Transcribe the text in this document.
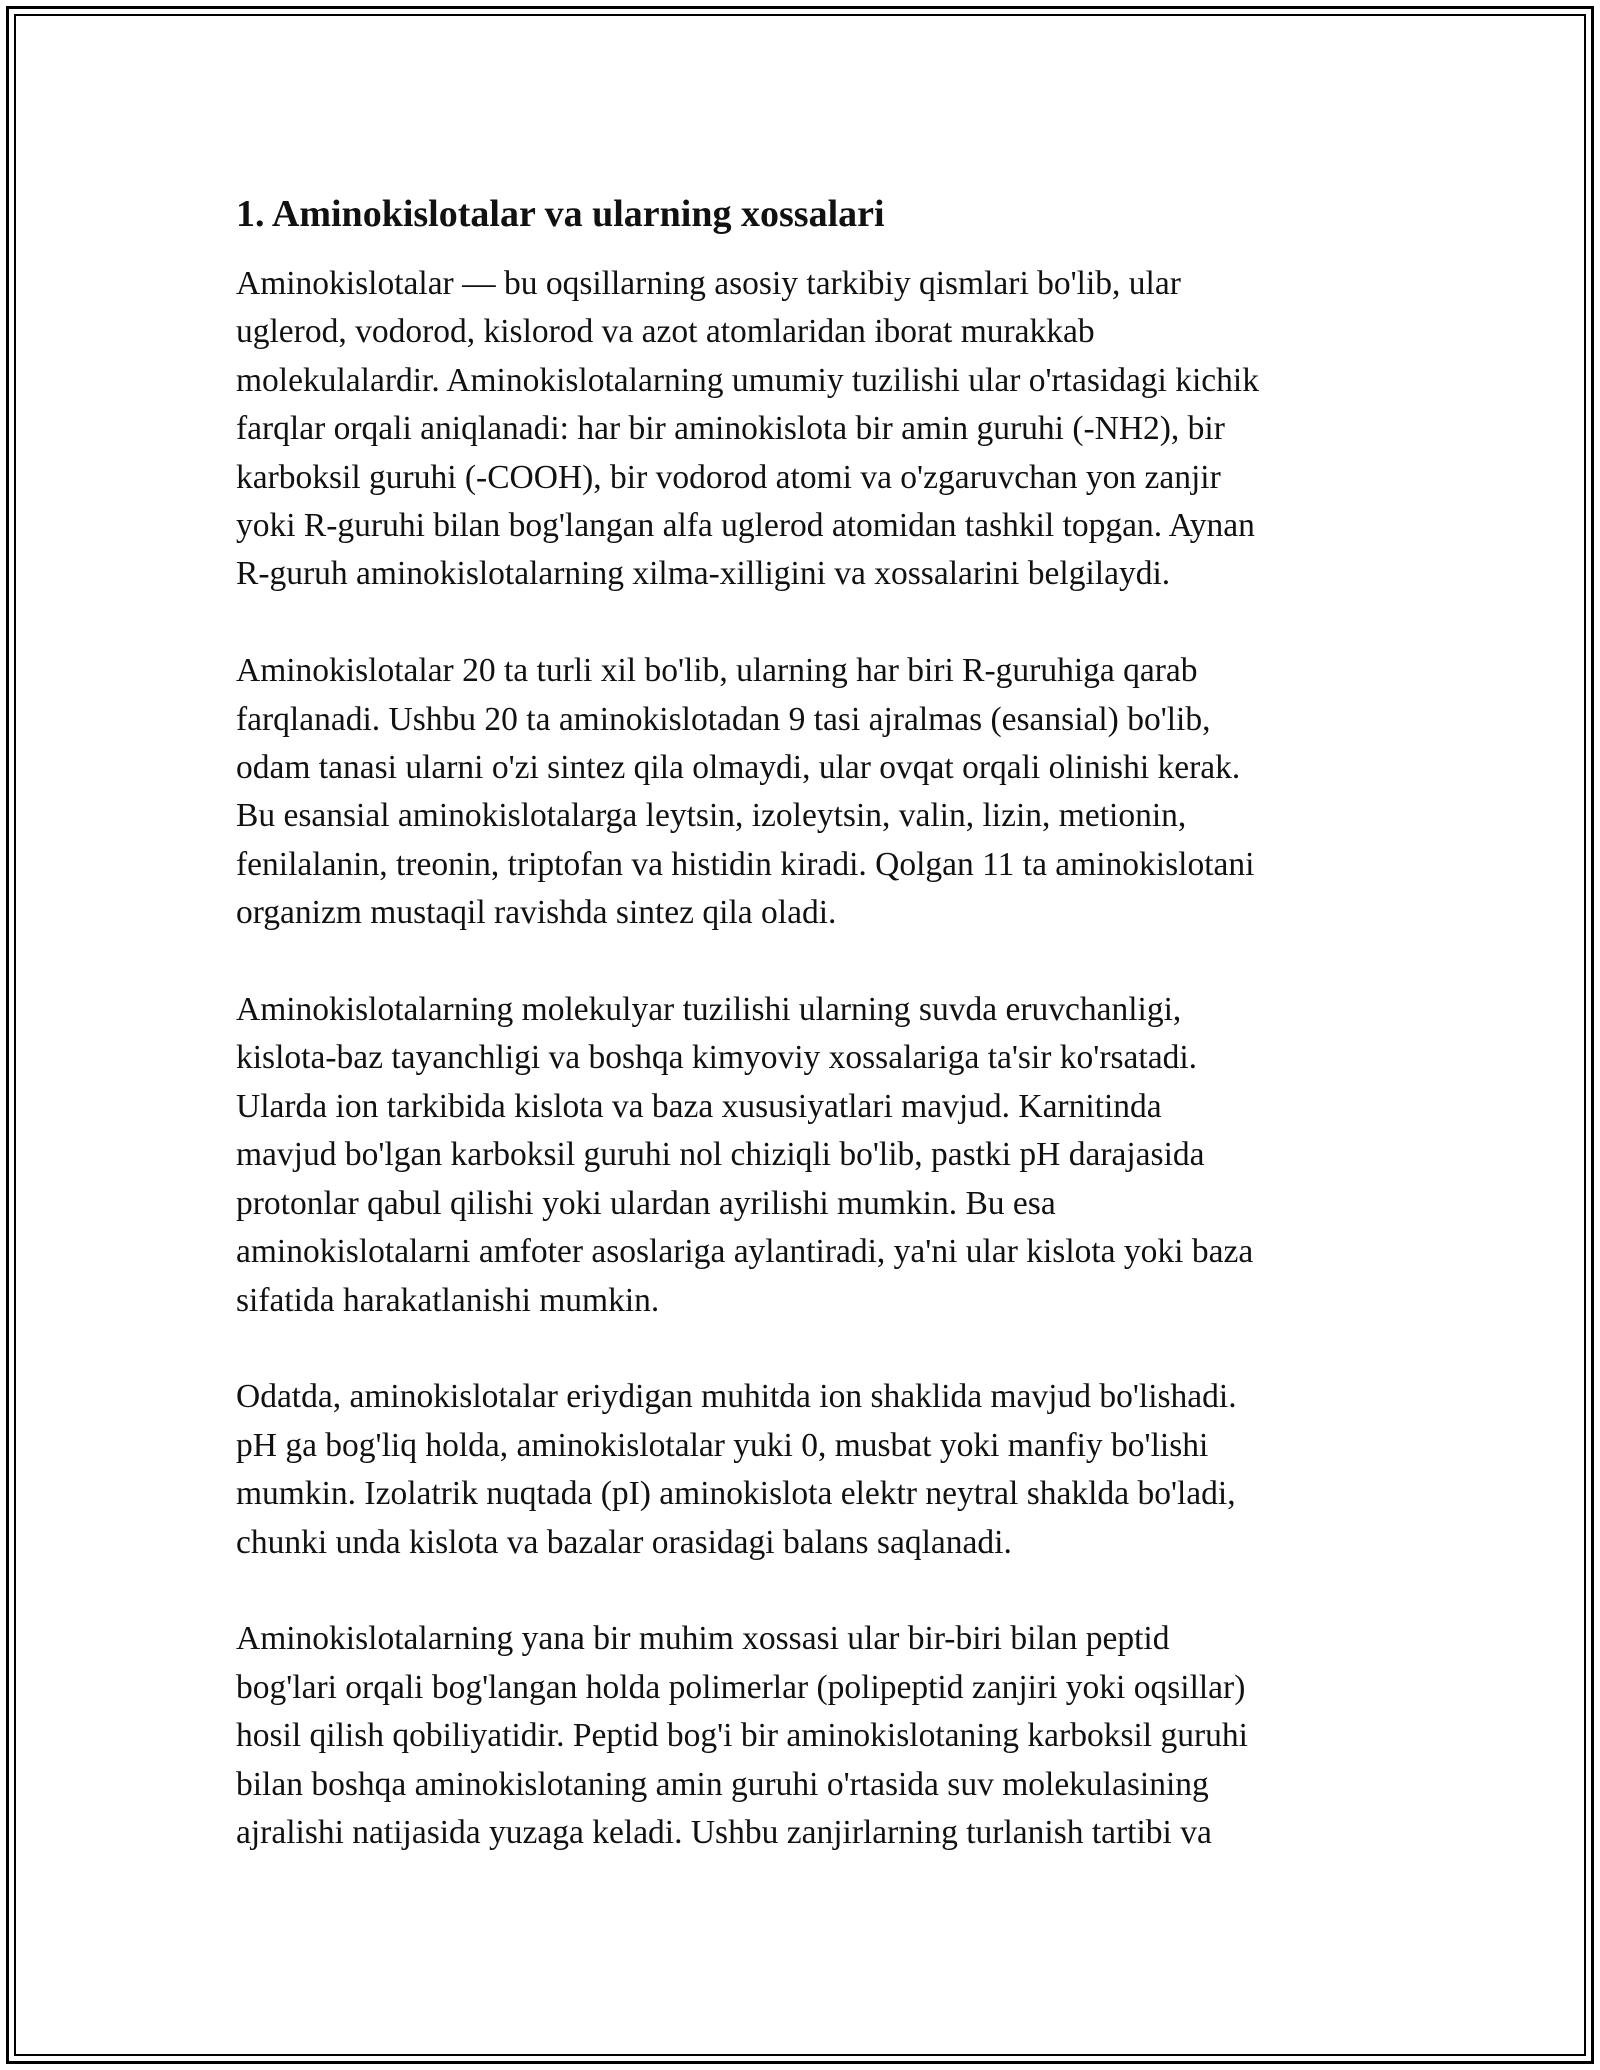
1. Aminokislotalar va ularning xossalari
Aminokislotalar — bu oqsillarning asosiy tarkibiy qismlari bo'lib, ular
uglerod, vodorod, kislorod va azot atomlaridan iborat murakkab
molekulalardir. Aminokislotalarning umumiy tuzilishi ular o'rtasidagi kichik
farqlar orqali aniqlanadi: har bir aminokislota bir amin guruhi (-NH2), bir
karboksil guruhi (-COOH), bir vodorod atomi va o'zgaruvchan yon zanjir
yoki R-guruhi bilan bog'langan alfa uglerod atomidan tashkil topgan. Aynan
R-guruh aminokislotalarning xilma-xilligini va xossalarini belgilaydi.
Aminokislotalar 20 ta turli xil bo'lib, ularning har biri R-guruhiga qarab
farqlanadi. Ushbu 20 ta aminokislotadan 9 tasi ajralmas (esansial) bo'lib,
odam tanasi ularni o'zi sintez qila olmaydi, ular ovqat orqali olinishi kerak.
Bu esansial aminokislotalarga leytsin, izoleytsin, valin, lizin, metionin,
fenilalanin, treonin, triptofan va histidin kiradi. Qolgan 11 ta aminokislotani
organizm mustaqil ravishda sintez qila oladi.
Aminokislotalarning molekulyar tuzilishi ularning suvda eruvchanligi,
kislota-baz tayanchligi va boshqa kimyoviy xossalariga ta'sir ko'rsatadi.
Ularda ion tarkibida kislota va baza xususiyatlari mavjud. Karnitinda
mavjud bo'lgan karboksil guruhi nol chiziqli bo'lib, pastki pH darajasida
protonlar qabul qilishi yoki ulardan ayrilishi mumkin. Bu esa
aminokislotalarni amfoter asoslariga aylantiradi, ya'ni ular kislota yoki baza
sifatida harakatlanishi mumkin.
Odatda, aminokislotalar eriydigan muhitda ion shaklida mavjud bo'lishadi.
pH ga bog'liq holda, aminokislotalar yuki 0, musbat yoki manfiy bo'lishi
mumkin. Izolatrik nuqtada (pI) aminokislota elektr neytral shaklda bo'ladi,
chunki unda kislota va bazalar orasidagi balans saqlanadi.
Aminokislotalarning yana bir muhim xossasi ular bir-biri bilan peptid
bog'lari orqali bog'langan holda polimerlar (polipeptid zanjiri yoki oqsillar)
hosil qilish qobiliyatidir. Peptid bog'i bir aminokislotaning karboksil guruhi
bilan boshqa aminokislotaning amin guruhi o'rtasida suv molekulasining
ajralishi natijasida yuzaga keladi. Ushbu zanjirlarning turlanish tartibi va
